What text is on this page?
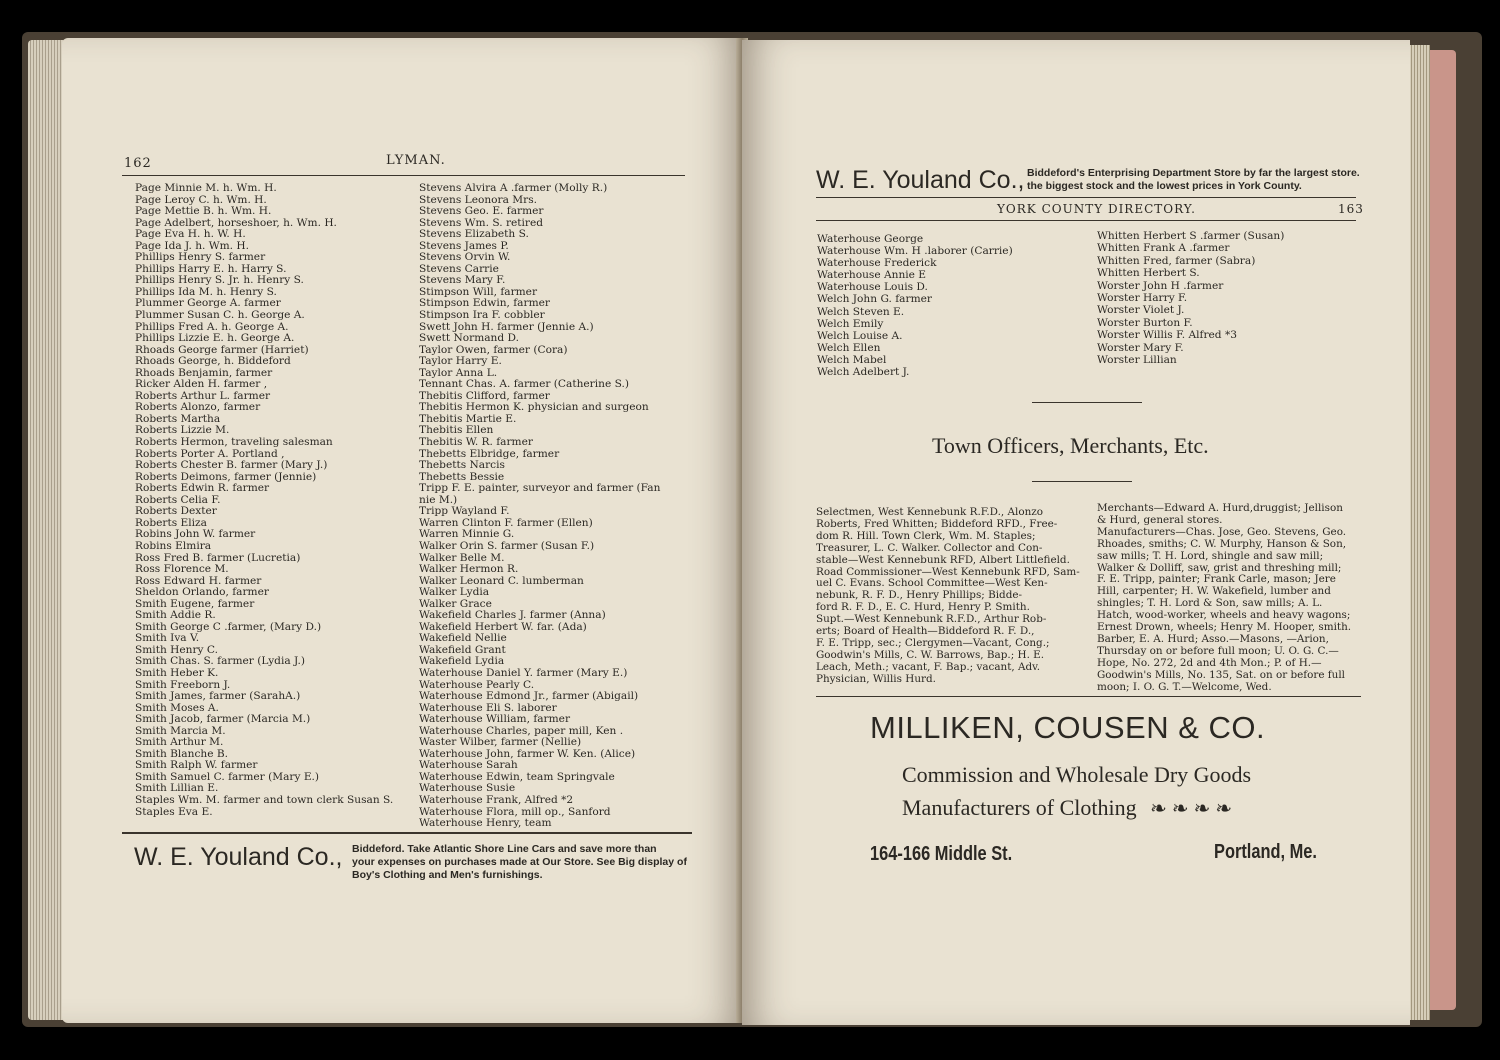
162	LYMAN.
Page Minnie M. h. Wm. H.
Page Leroy C. h. Wm. H.
Page Mettie B. h. Wm. H.
Page Adelbert, horseshoer, h. Wm. H.
Page Eva H. h. W. H.
Page Ida J. h. Wm. H.
Phillips Henry S. farmer
Phillips Harry E. h. Harry S.
Phillips Henry S. Jr. h. Henry S.
Phillips Ida M. h. Henry S.
Plummer George A. farmer
Plummer Susan C. h. George A.
Phillips Fred A. h. George A.
Phillips Lizzie E. h. George A.
Rhoads George farmer (Harriet)
Rhoads George, h. Biddeford
Rhoads Benjamin, farmer
Ricker Alden H. farmer ,
Roberts Arthur L. farmer
Roberts Alonzo, farmer
Roberts Martha
Roberts Lizzie M.
Roberts Hermon, traveling salesman
Roberts Porter A. Portland ,
Roberts Chester B. farmer (Mary J.)
Roberts Deimons, farmer (Jennie)
Roberts Edwin R. farmer
Roberts Celia F.
Roberts Dexter
Roberts Eliza
Robins John W. farmer
Robins Elmira
Ross Fred B. farmer (Lucretia)
Ross Florence M.
Ross Edward H. farmer
Sheldon Orlando, farmer
Smith Eugene, farmer
Smith Addie R.
Smith George C .farmer, (Mary D.)
Smith Iva V.
Smith Henry C.
Smith Chas. S. farmer (Lydia J.)
Smith Heber K.
Smith Freeborn J.
Smith James, farmer (SarahA.)
Smith Moses A.
Smith Jacob, farmer (Marcia M.)
Smith Marcia M.
Smith Arthur M.
Smith Blanche B.
Smith Ralph W. farmer
Smith Samuel C. farmer (Mary E.)
Smith Lillian E.
Staples Wm. M. farmer and town clerk Susan S.
Staples Eva E.
Stevens Alvira A .farmer (Molly R.)
Stevens Leonora Mrs.
Stevens Geo. E. farmer
Stevens Wm. S. retired
Stevens Elizabeth S.
Stevens James P.
Stevens Orvin W.
Stevens Carrie
Stevens Mary F.
Stimpson Will, farmer
Stimpson Edwin, farmer
Stimpson Ira F. cobbler
Swett John H. farmer (Jennie A.)
Swett Normand D.
Taylor Owen, farmer (Cora)
Taylor Harry E.
Taylor Anna L.
Tennant Chas. A. farmer (Catherine S.)
Thebitis Clifford, farmer
Thebitis Hermon K. physician and surgeon
Thebitis Martie E.
Thebitis Ellen
Thebitis W. R. farmer
Thebetts Elbridge, farmer
Thebetts Narcis
Thebetts Bessie
Tripp F. E. painter, surveyor and farmer (Fan
nie M.)
Tripp Wayland F.
Warren Clinton F. farmer (Ellen)
Warren Minnie G.
Walker Orin S. farmer (Susan F.)
Walker Belle M.
Walker Hermon R.
Walker Leonard C. lumberman
Walker Lydia
Walker Grace
Wakefield Charles J. farmer (Anna)
Wakefield Herbert W. far. (Ada)
Wakefield Nellie
Wakefield Grant
Wakefield Lydia
Waterhouse Daniel Y. farmer (Mary E.)
Waterhouse Pearly C.
Waterhouse Edmond Jr., farmer (Abigail)
Waterhouse Eli S. laborer
Waterhouse William, farmer
Waterhouse Charles, paper mill, Ken .
Waster Wilber, farmer (Nellie)
Waterhouse John, farmer W. Ken. (Alice)
Waterhouse Sarah
Waterhouse Edwin, team Springvale
Waterhouse Susie
Waterhouse Frank, Alfred *2
Waterhouse Flora, mill op., Sanford
Waterhouse Henry, team
W. E. Youland Co., Biddeford. Take Atlantic Shore Line Cars and save more than
your expenses on purchases made at Our Store. See Big display of
Boy's Clothing and Men's furnishings.
W. E. Youland Co., Biddeford's Enterprising Department Store by far the largest store.
the biggest stock and the lowest prices in York County.
YORK COUNTY DIRECTORY.	163
Waterhouse George
Waterhouse Wm. H .laborer (Carrie)
Waterhouse Frederick
Waterhouse Annie E
Waterhouse Louis D.
Welch John G. farmer
Welch Steven E.
Welch Emily
Welch Louise A.
Welch Ellen
Welch Mabel
Welch Adelbert J.
Whitten Herbert S .farmer (Susan)
Whitten Frank A .farmer
Whitten Fred, farmer (Sabra)
Whitten Herbert S.
Worster John H .farmer
Worster Harry F.
Worster Violet J.
Worster Burton F.
Worster Willis F. Alfred *3
Worster Mary F.
Worster Lillian
Town Officers, Merchants, Etc.
Selectmen, West Kennebunk R.F.D., Alonzo
Roberts, Fred Whitten; Biddeford RFD., Free-
dom R. Hill. Town Clerk, Wm. M. Staples;
Treasurer, L. C. Walker. Collector and Con-
stable—West Kennebunk RFD, Albert Littlefield.
Road Commissioner—West Kennebunk RFD, Sam-
uel C. Evans. School Committee—West Ken-
nebunk, R. F. D., Henry Phillips; Bidde-
ford R. F. D., E. C. Hurd, Henry P. Smith.
Supt.—West Kennebunk R.F.D., Arthur Rob-
erts; Board of Health—Biddeford R. F. D.,
F. E. Tripp, sec.; Clergymen—Vacant, Cong.;
Goodwin's Mills, C. W. Barrows, Bap.; H. E.
Leach, Meth.; vacant, F. Bap.; vacant, Adv.
Physician, Willis Hurd.
Merchants—Edward A. Hurd,druggist; Jellison
& Hurd, general stores.
Manufacturers—Chas. Jose, Geo. Stevens, Geo.
Rhoades, smiths; C. W. Murphy, Hanson & Son,
saw mills; T. H. Lord, shingle and saw mill;
Walker & Dolliff, saw, grist and threshing mill;
F. E. Tripp, painter; Frank Carle, mason; Jere
Hill, carpenter; H. W. Wakefield, lumber and
shingles; T. H. Lord & Son, saw mills; A. L.
Hatch, wood-worker, wheels and heavy wagons;
Ernest Drown, wheels; Henry M. Hooper, smith.
Barber, E. A. Hurd; Asso.—Masons, —Arion,
Thursday on or before full moon; U. O. G. C.—
Hope, No. 272, 2d and 4th Mon.; P. of H.—
Goodwin's Mills, No. 135, Sat. on or before full
moon; I. O. G. T.—Welcome, Wed.
MILLIKEN, COUSEN & CO.
Commission and Wholesale Dry Goods
Manufacturers of Clothing ❧ ❧ ❧ ❧
164-166 Middle St.	Portland, Me.
